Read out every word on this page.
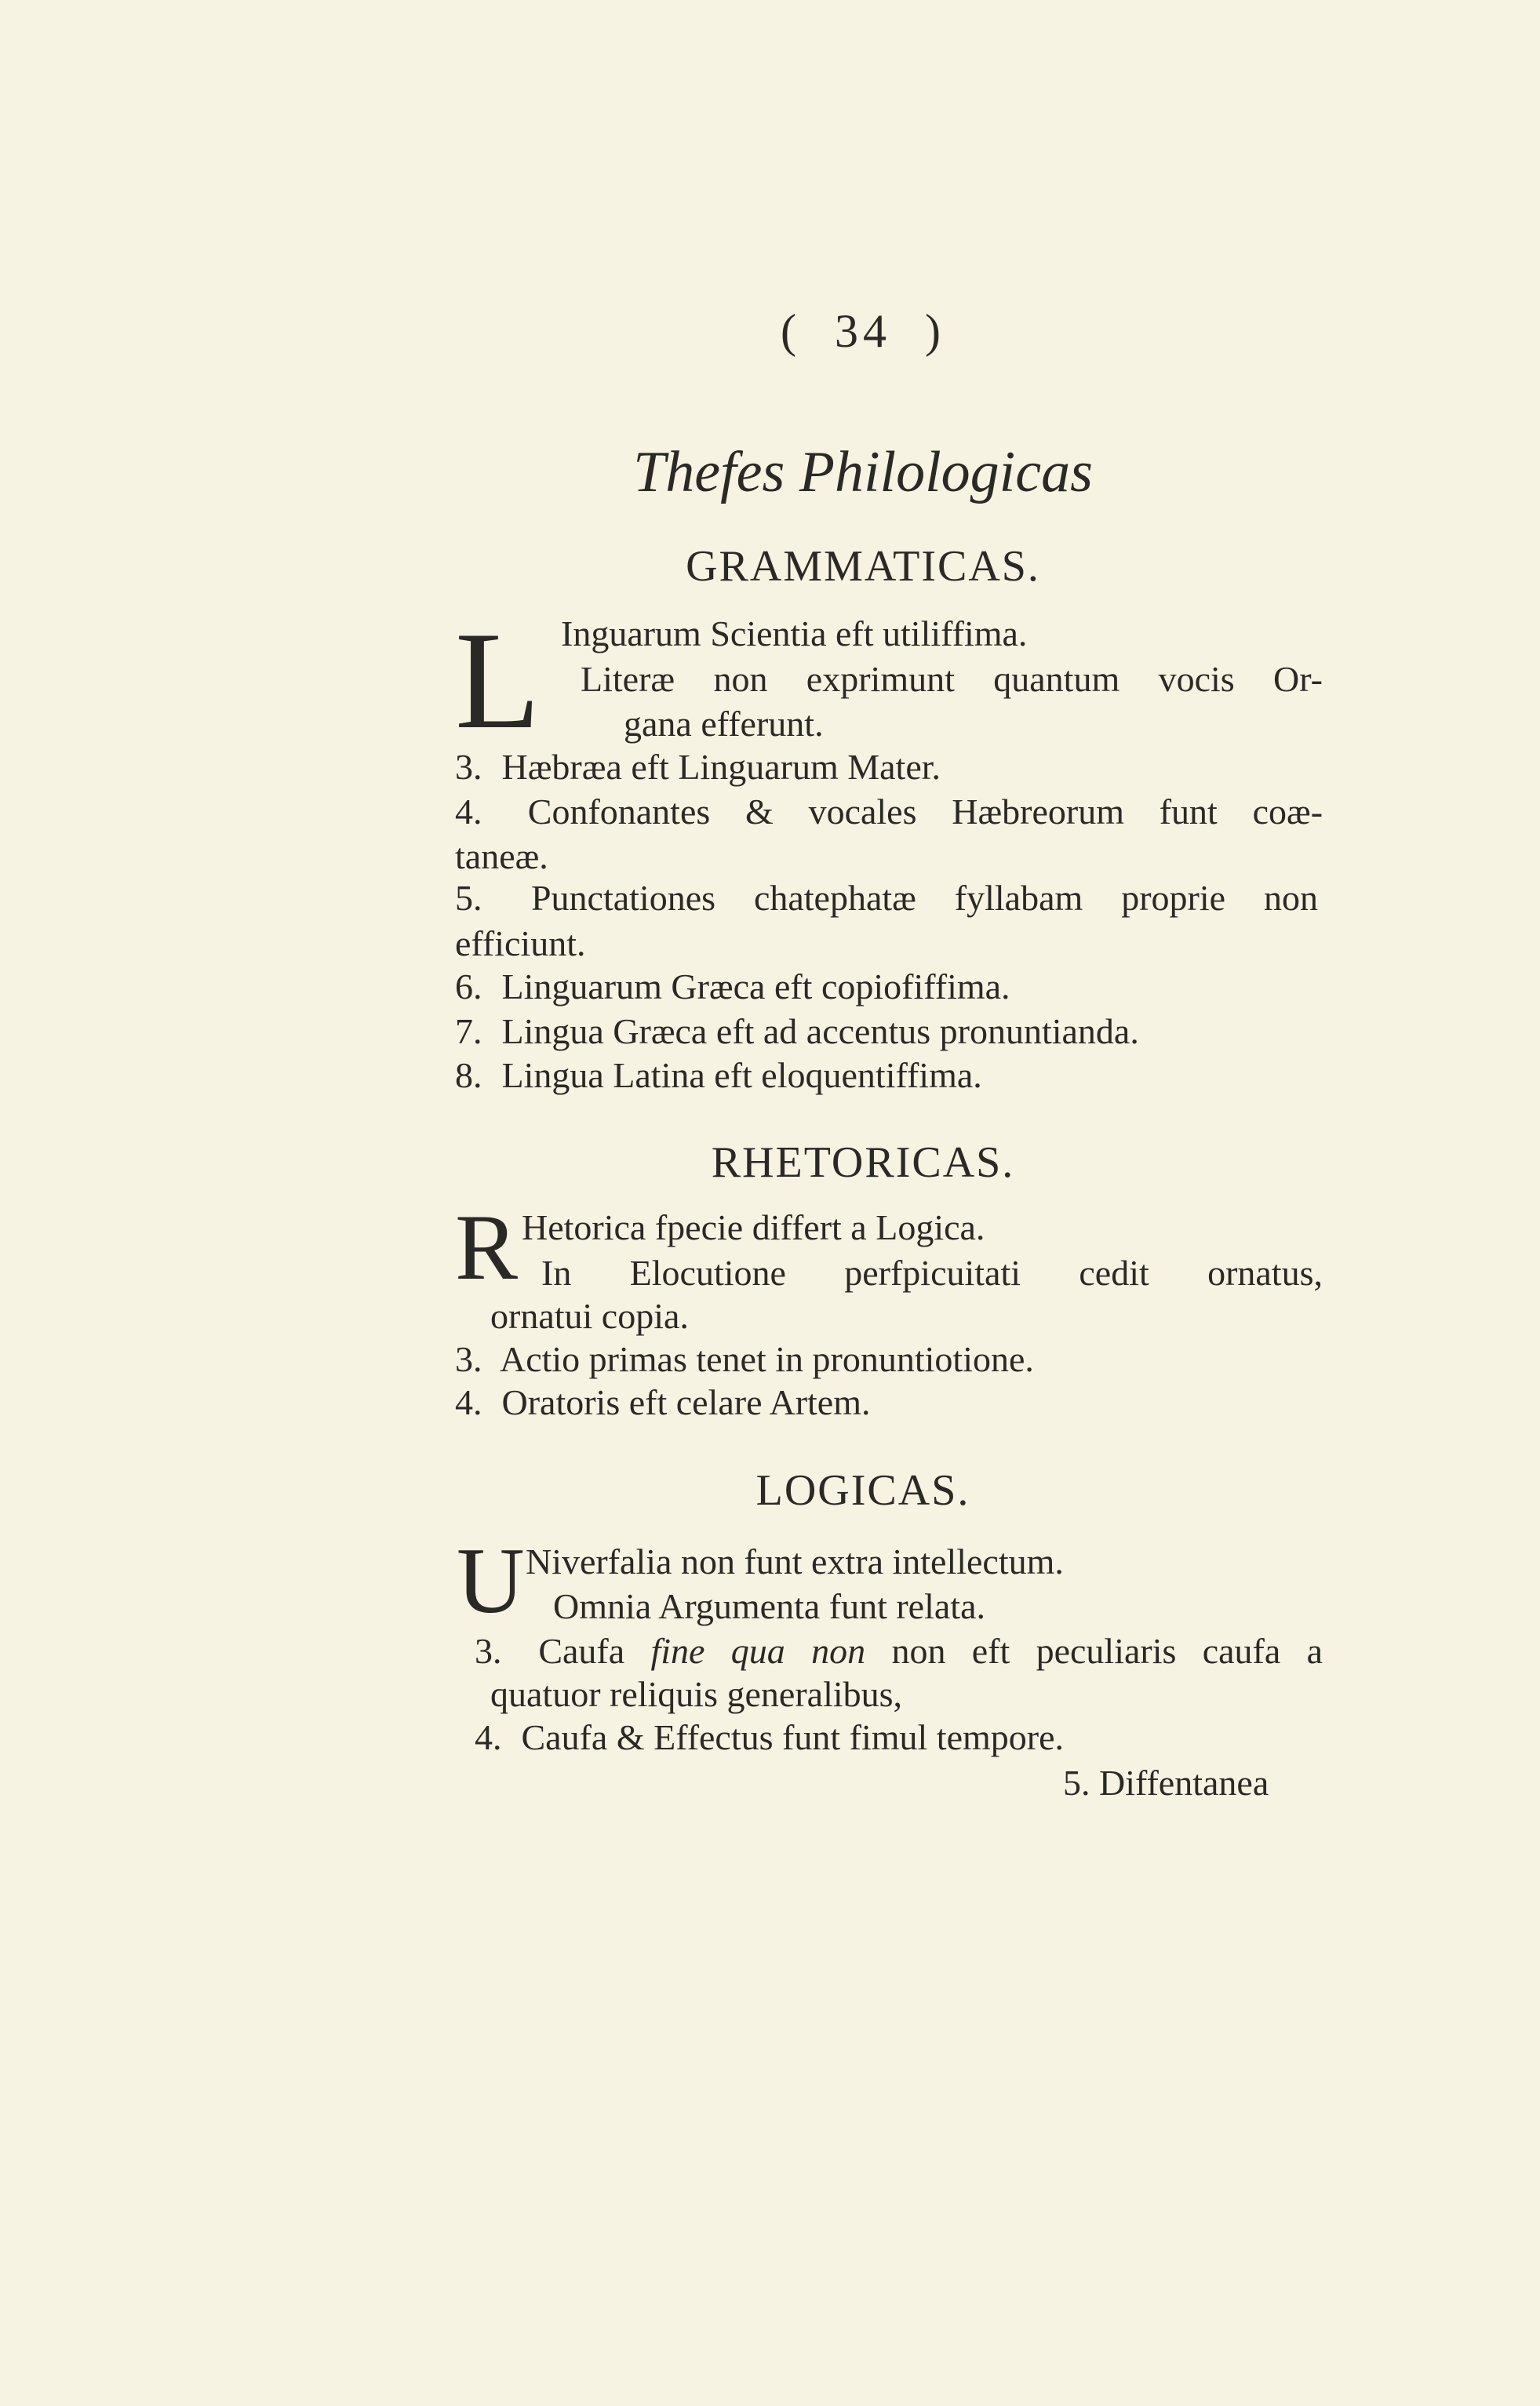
( 34 )
Thefes Philologicas
GRAMMATICAS.
L Inguarum Scientia eft utiliffima.
Literæ non exprimunt quantum vocis Or-
gana efferunt.
3. Hæbræa eft Linguarum Mater.
4. Confonantes & vocales Hæbreorum funt coæ-
taneæ.
5. Punctationes chatephatæ fyllabam proprie non
efficiunt.
6. Linguarum Græca eft copiofiffima.
7. Lingua Græca eft ad accentus pronuntianda.
8. Lingua Latina eft eloquentiffima.
RHETORICAS.
R Hetorica fpecie differt a Logica.
In Elocutione perfpicuitati cedit ornatus,
ornatui copia.
3. Actio primas tenet in pronuntiotione.
4. Oratoris eft celare Artem.
LOGICAS.
U Niverfalia non funt extra intellectum.
Omnia Argumenta funt relata.
3. Caufa fine qua non non eft peculiaris caufa a
quatuor reliquis generalibus,
4. Caufa & Effectus funt fimul tempore.
5. Diffentanea
